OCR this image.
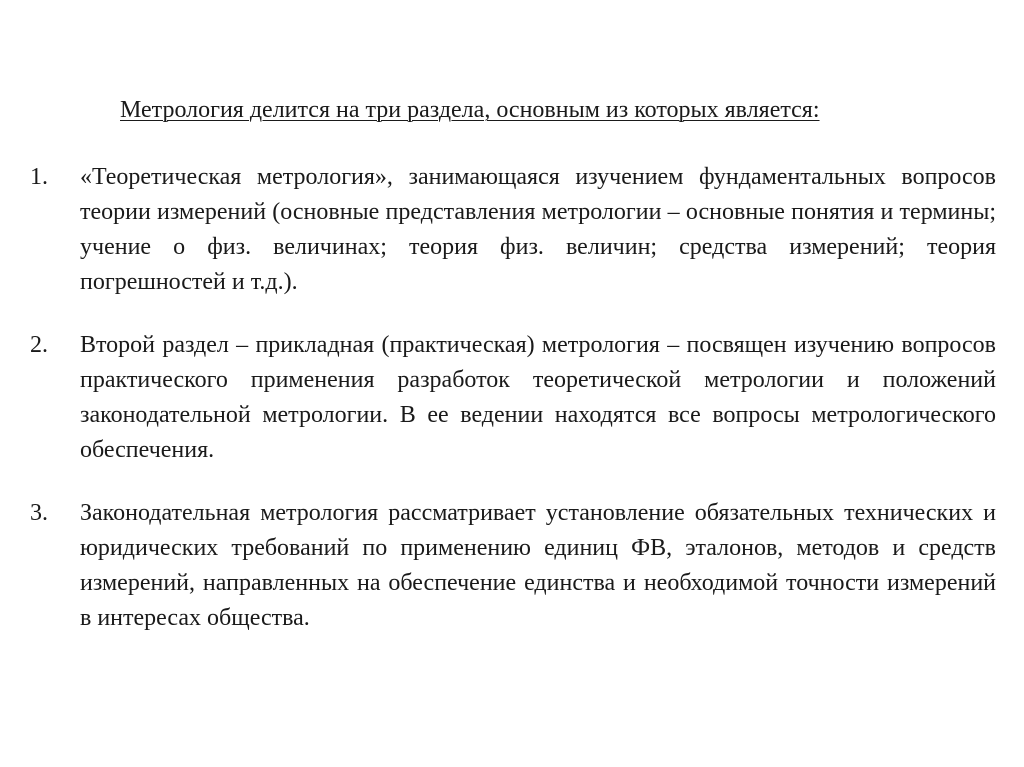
Метрология делится на три раздела, основным из которых является:
1. «Теоретическая метрология», занимающаяся изучением фундаментальных вопросов теории измерений (основные представления метрологии – основные понятия и термины; учение о физ. величинах; теория физ. величин; средства измерений; теория погрешностей и т.д.).
2. Второй раздел – прикладная (практическая) метрология – посвящен изучению вопросов практического применения разработок теоретической метрологии и положений законодательной метрологии. В ее ведении находятся все вопросы метрологического обеспечения.
3. Законодательная метрология рассматривает установление обязательных технических и юридических требований по применению единиц ФВ, эталонов, методов и средств измерений, направленных на обеспечение единства и необходимой точности измерений в интересах общества.
